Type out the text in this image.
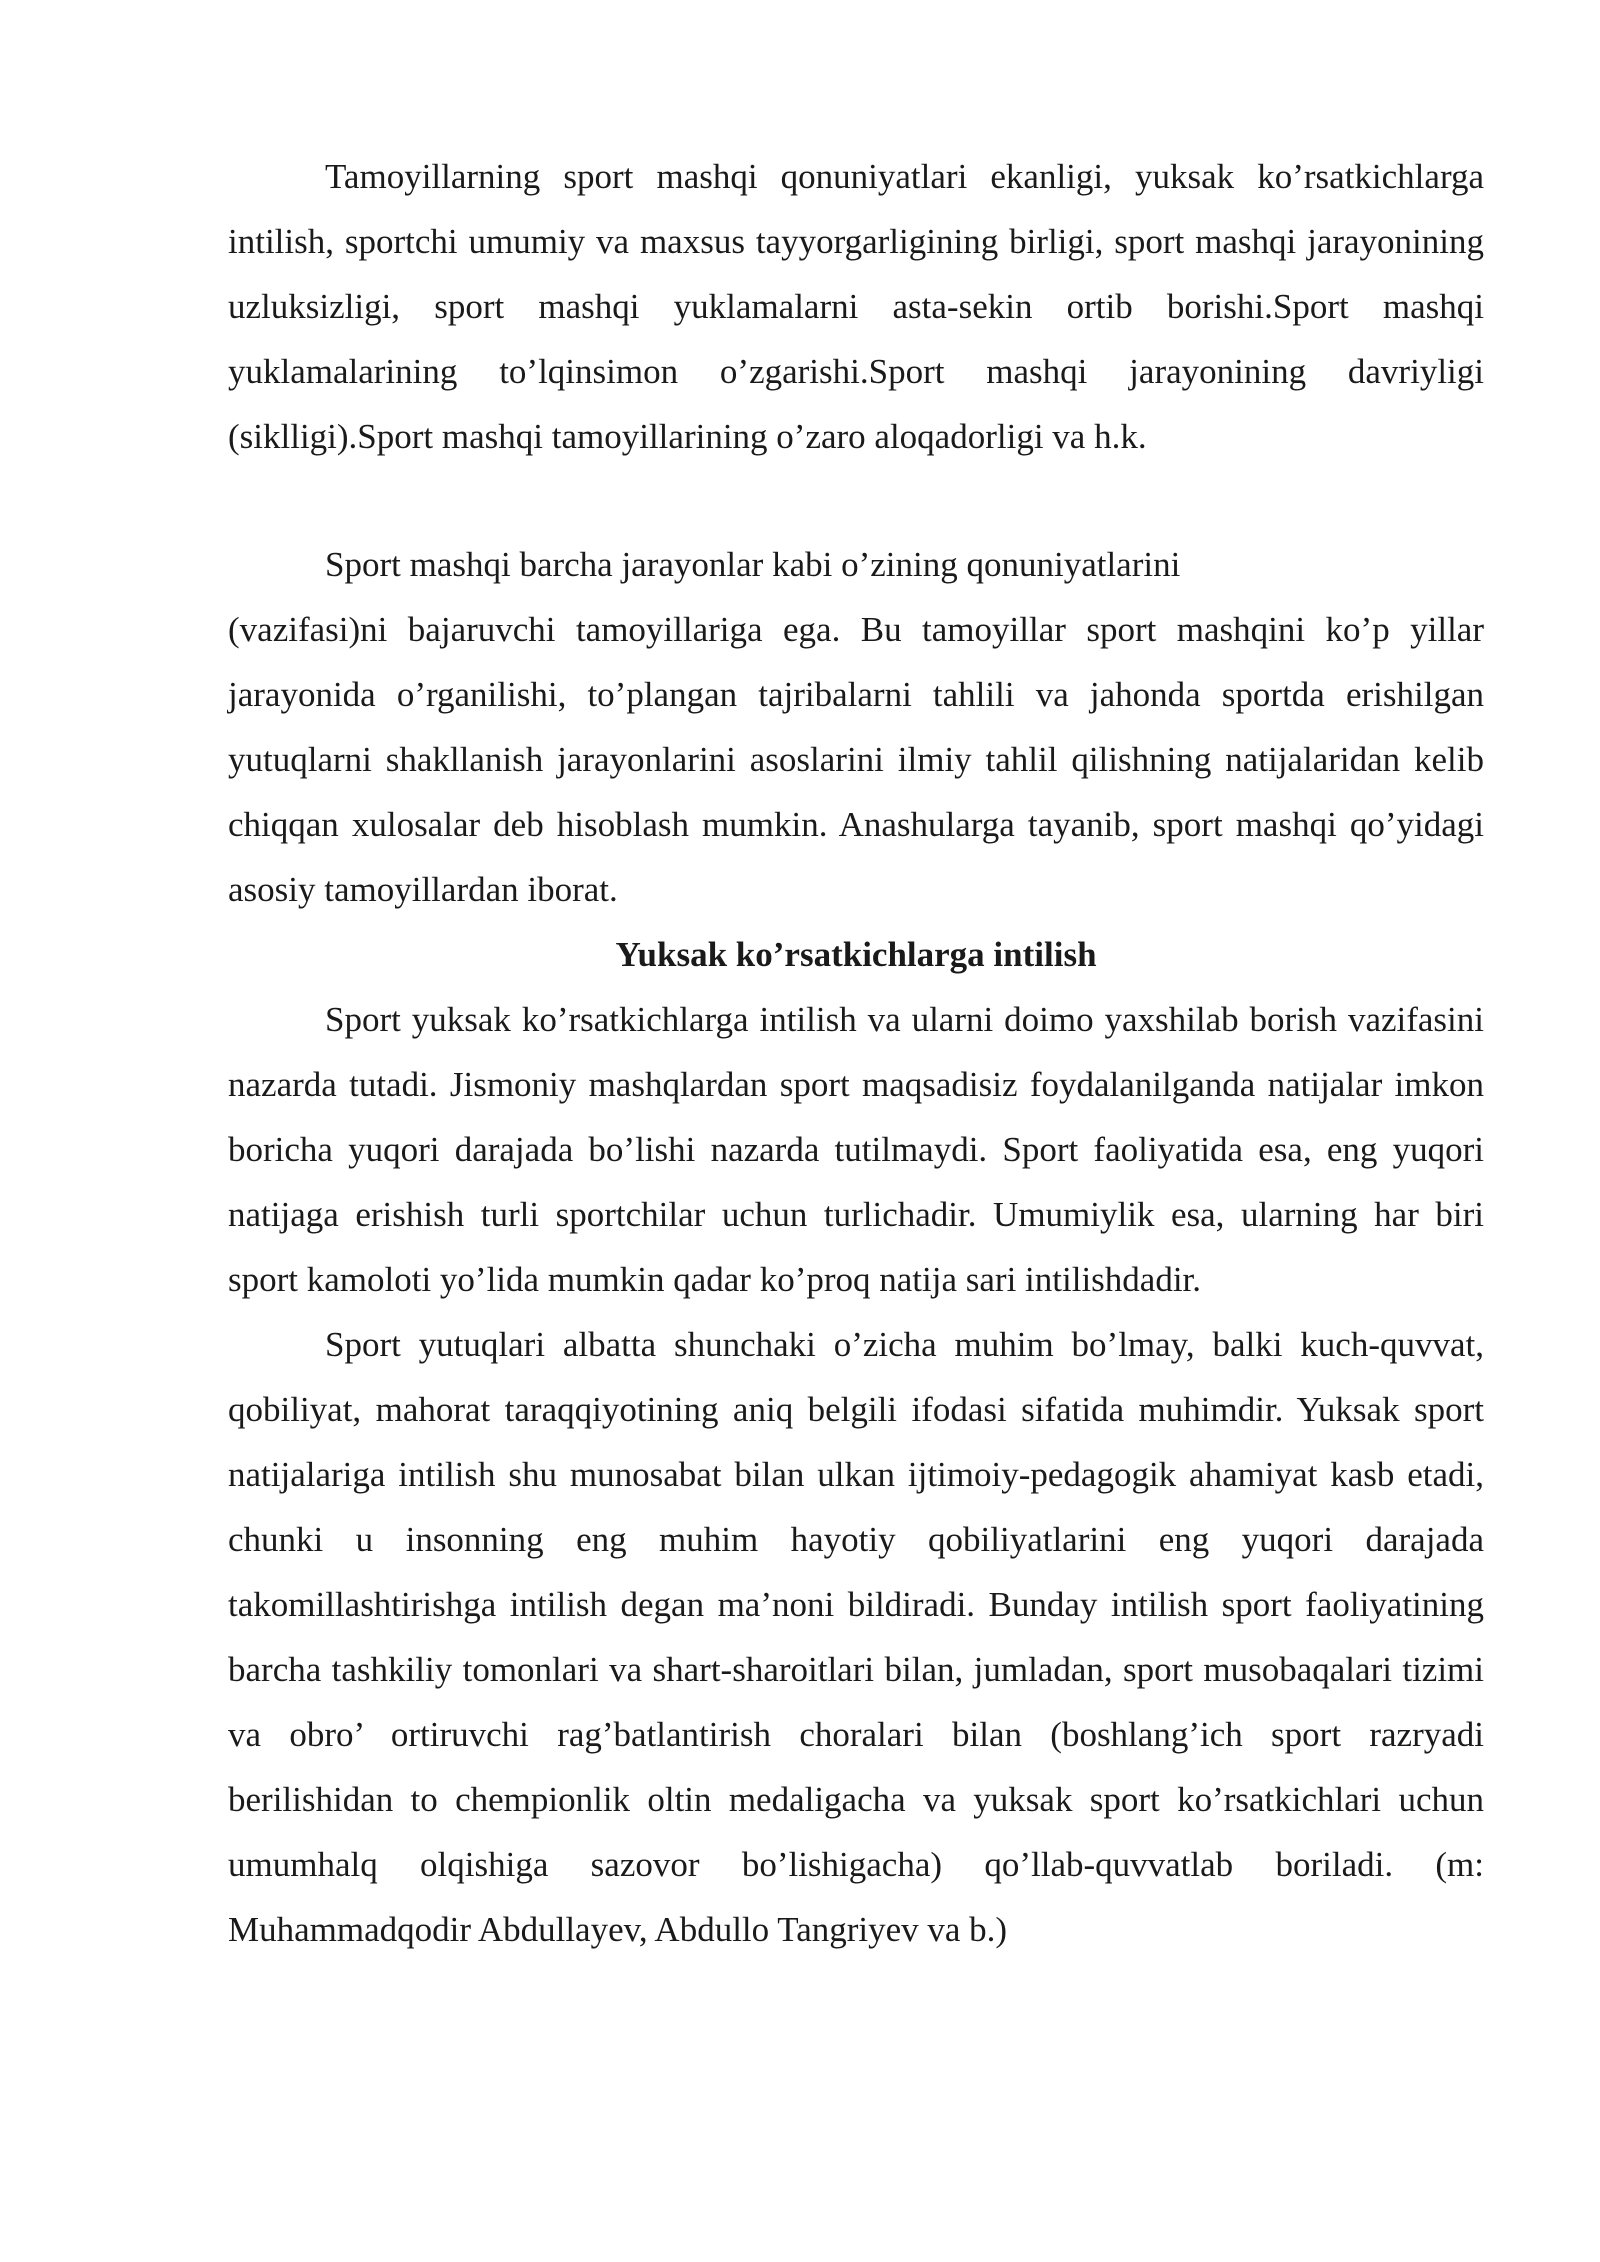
Tamoyillarning sport mashqi qonuniyatlari ekanligi, yuksak ko’rsatkichlarga intilish, sportchi umumiy va maxsus tayyorgarligining birligi, sport mashqi jarayonining uzluksizligi, sport mashqi yuklamalarni asta-sekin ortib borishi.Sport mashqi yuklamalarining to’lqinsimon o’zgarishi.Sport mashqi jarayonining davriyligi (siklligi).Sport mashqi tamoyillarining o’zaro aloqadorligi va h.k.

Sport mashqi barcha jarayonlar kabi o’zining qonuniyatlarini

(vazifasi)ni bajaruvchi tamoyillariga ega. Bu tamoyillar sport mashqini ko’p yillar jarayonida o’rganilishi, to’plangan tajribalarni tahlili va jahonda sportda erishilgan yutuqlarni shakllanish jarayonlarini asoslarini ilmiy tahlil qilishning natijalaridan kelib chiqqan xulosalar deb hisoblash mumkin. Anashularga tayanib, sport mashqi qo’yidagi asosiy tamoyillardan iborat.

Yuksak ko’rsatkichlarga intilish

Sport yuksak ko’rsatkichlarga intilish va ularni doimo yaxshilab borish vazifasini nazarda tutadi. Jismoniy mashqlardan sport maqsadisiz foydalanilganda natijalar imkon boricha yuqori darajada bo’lishi nazarda tutilmaydi. Sport faoliyatida esa, eng yuqori natijaga erishish turli sportchilar uchun turlichadir. Umumiylik esa, ularning har biri sport kamoloti yo’lida mumkin qadar ko’proq natija sari intilishdadir.

Sport yutuqlari albatta shunchaki o’zicha muhim bo’lmay, balki kuch-quvvat, qobiliyat, mahorat taraqqiyotining aniq belgili ifodasi sifatida muhimdir. Yuksak sport natijalariga intilish shu munosabat bilan ulkan ijtimoiy-pedagogik ahamiyat kasb etadi, chunki u insonning eng muhim hayotiy qobiliyatlarini eng yuqori darajada takomillashtirishga intilish degan ma’noni bildiradi. Bunday intilish sport faoliyatining barcha tashkiliy tomonlari va shart-sharoitlari bilan, jumladan, sport musobaqalari tizimi va obro’ ortiruvchi rag’batlantirish choralari bilan (boshlang’ich sport razryadi berilishidan to chempionlik oltin medaligacha va yuksak sport ko’rsatkichlari uchun umumhalq olqishiga sazovor bo’lishigacha) qo’llab-quvvatlab boriladi. (m: Muhammadqodir Abdullayev, Abdullo Tangriyev va b.)
